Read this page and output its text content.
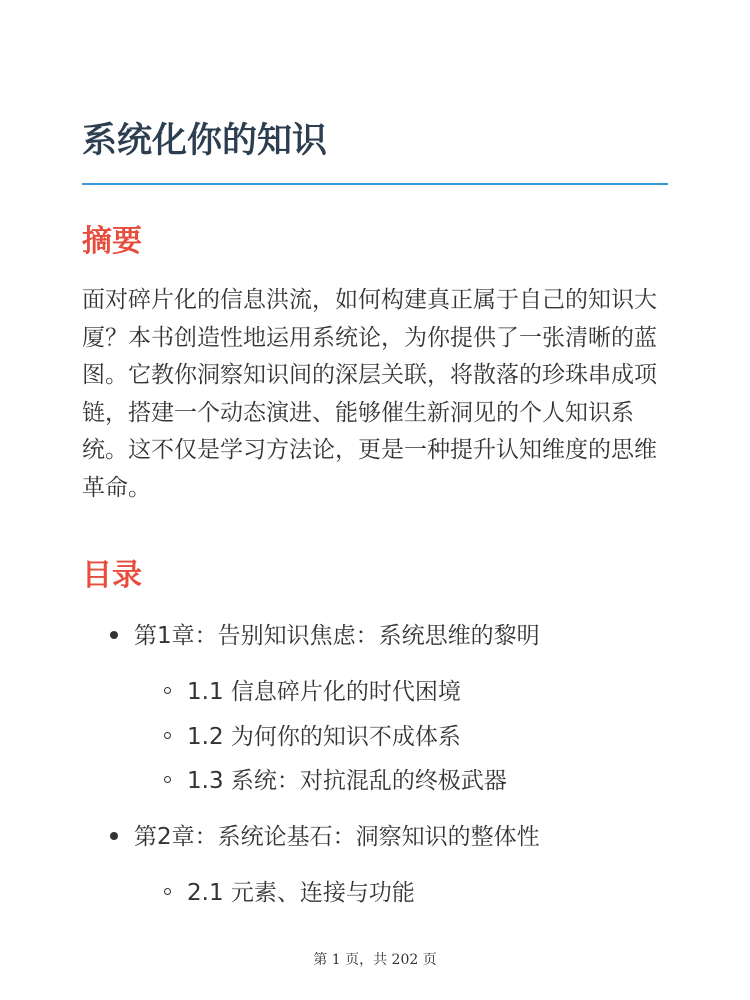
系统化你的知识
摘要

面对碎片化的信息洪流，如何构建真正属于自己的知识大厦？本书创造性地运用系统论，为你提供了一张清晰的蓝图。它教你洞察知识间的深层关联，将散落的珍珠串成项链，搭建一个动态演进、能够催生新洞见的个人知识系统。这不仅是学习方法论，更是一种提升认知维度的思维革命。

目录
第1章：告别知识焦虑：系统思维的黎明
1.1 信息碎片化的时代困境
1.2 为何你的知识不成体系
1.3 系统：对抗混乱的终极武器
第2章：系统论基石：洞察知识的整体性
2.1 元素、连接与功能
第 1 页，共 202 页
